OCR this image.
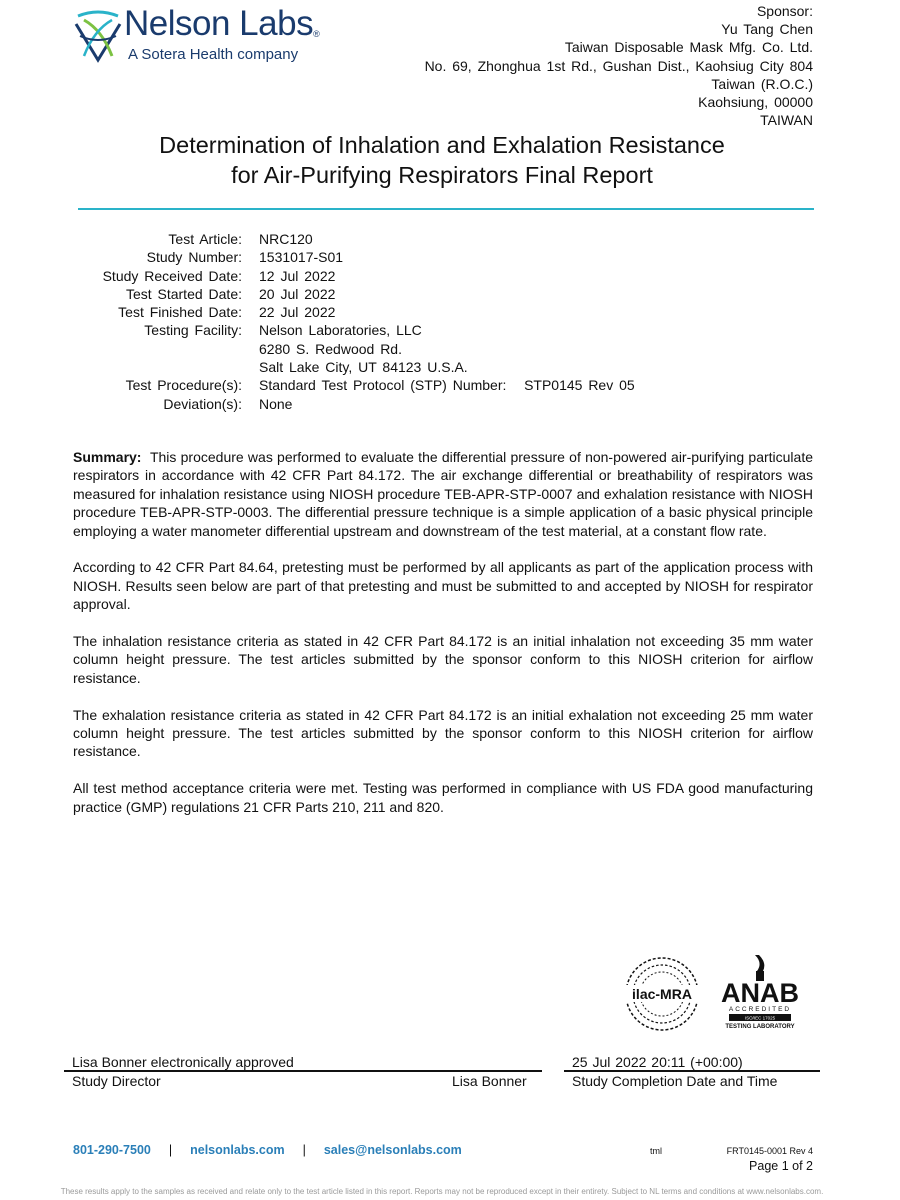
Nelson Labs®
A Sotera Health company
Sponsor:
Yu Tang Chen
Taiwan Disposable Mask Mfg. Co. Ltd.
No. 69, Zhonghua 1st Rd., Gushan Dist., Kaohsiug City 804
Taiwan (R.O.C.)
Kaohsiung, 00000
TAIWAN
Determination of Inhalation and Exhalation Resistance
for Air-Purifying Respirators Final Report
Test Article: NRC120
Study Number: 1531017-S01
Study Received Date: 12 Jul 2022
Test Started Date: 20 Jul 2022
Test Finished Date: 22 Jul 2022
Testing Facility: Nelson Laboratories, LLC
6280 S. Redwood Rd.
Salt Lake City, UT 84123 U.S.A.
Test Procedure(s): Standard Test Protocol (STP) Number:   STP0145 Rev 05
Deviation(s): None

Summary: This procedure was performed to evaluate the differential pressure of non-powered air-purifying particulate respirators in accordance with 42 CFR Part 84.172. The air exchange differential or breathability of respirators was measured for inhalation resistance using NIOSH procedure TEB-APR-STP-0007 and exhalation resistance with NIOSH procedure TEB-APR-STP-0003. The differential pressure technique is a simple application of a basic physical principle employing a water manometer differential upstream and downstream of the test material, at a constant flow rate.

According to 42 CFR Part 84.64, pretesting must be performed by all applicants as part of the application process with NIOSH. Results seen below are part of that pretesting and must be submitted to and accepted by NIOSH for respirator approval.

The inhalation resistance criteria as stated in 42 CFR Part 84.172 is an initial inhalation not exceeding 35 mm water column height pressure. The test articles submitted by the sponsor conform to this NIOSH criterion for airflow resistance.

The exhalation resistance criteria as stated in 42 CFR Part 84.172 is an initial exhalation not exceeding 25 mm water column height pressure. The test articles submitted by the sponsor conform to this NIOSH criterion for airflow resistance.

All test method acceptance criteria were met. Testing was performed in compliance with US FDA good manufacturing practice (GMP) regulations 21 CFR Parts 210, 211 and 820.

ilac-MRA ANAB
ACCREDITED
ISO/IEC 17025
TESTING LABORATORY
Lisa Bonner electronically approved	25 Jul 2022 20:11 (+00:00)
Study Director	Lisa Bonner	Study Completion Date and Time
801-290-7500 | nelsonlabs.com | sales@nelsonlabs.com	tml	FRT0145-0001 Rev 4
Page 1 of 2
These results apply to the samples as received and relate only to the test article listed in this report. Reports may not be reproduced except in their entirety. Subject to NL terms and conditions at www.nelsonlabs.com.
